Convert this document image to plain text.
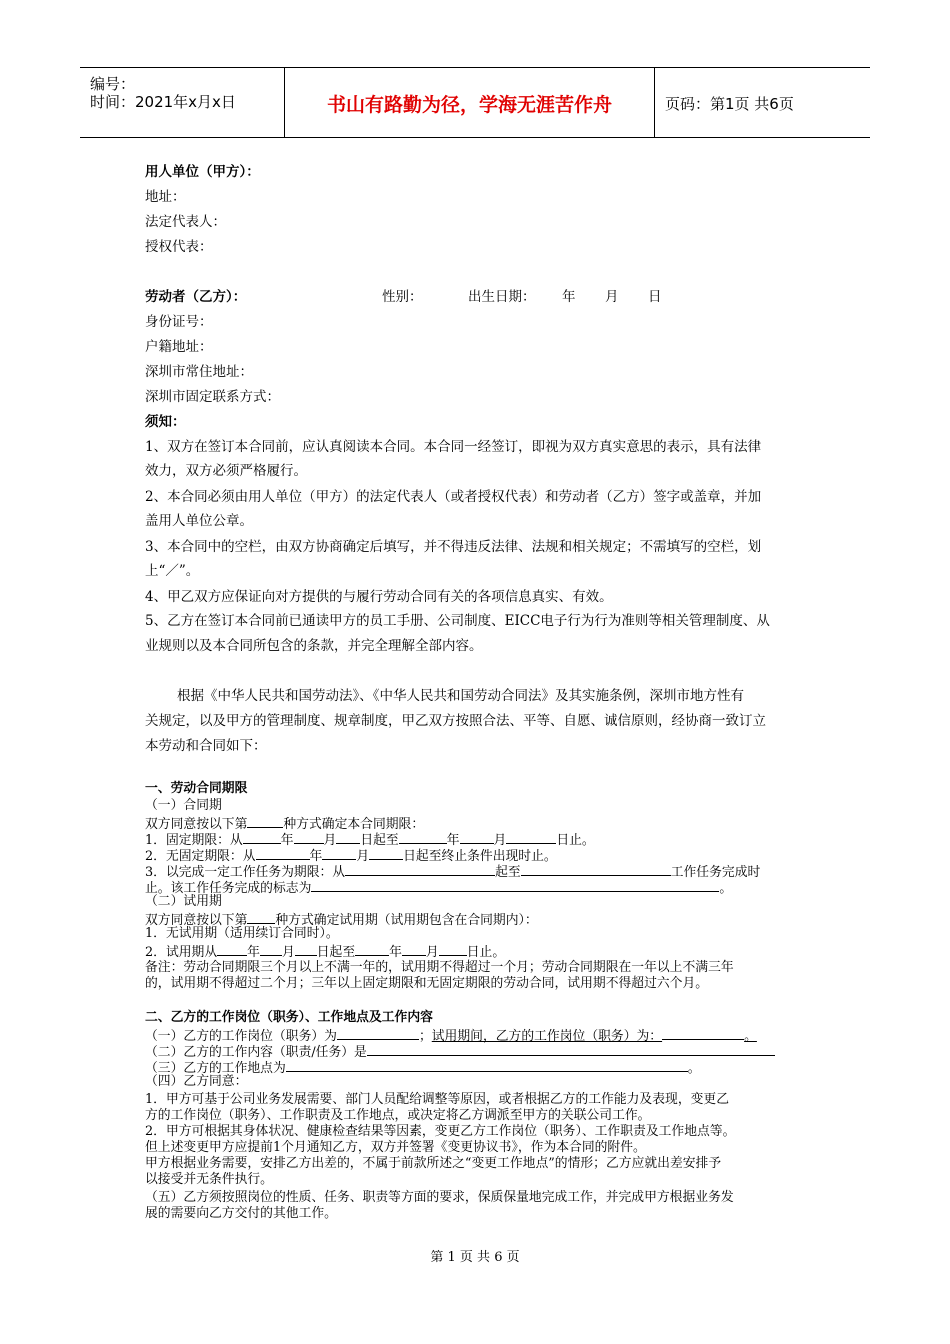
编号：
时间：2021年x月x日	书山有路勤为径，学海无涯苦作舟	页码：第1页 共6页
用人单位（甲方）：
地址：
法定代表人：
授权代表：
劳动者（乙方）：	性别：	出生日期： 年 月 日
身份证号：
户籍地址：
深圳市常住地址：
深圳市固定联系方式：
须知：
1、双方在签订本合同前，应认真阅读本合同。本合同一经签订，即视为双方真实意思的表示，具有法律
效力，双方必须严格履行。
2、本合同必须由用人单位（甲方）的法定代表人（或者授权代表）和劳动者（乙方）签字或盖章，并加
盖用人单位公章。
3、本合同中的空栏，由双方协商确定后填写，并不得违反法律、法规和相关规定；不需填写的空栏，划
上“／”。
4、甲乙双方应保证向对方提供的与履行劳动合同有关的各项信息真实、有效。
5、乙方在签订本合同前已通读甲方的员工手册、公司制度、EICC电子行为行为准则等相关管理制度、从
业规则以及本合同所包含的条款，并完全理解全部内容。
根据《中华人民共和国劳动法》、《中华人民共和国劳动合同法》及其实施条例，深圳市地方性有
关规定，以及甲方的管理制度、规章制度，甲乙双方按照合法、平等、自愿、诚信原则，经协商一致订立
本劳动和合同如下：
一、劳动合同期限
（一）合同期
双方同意按以下第	种方式确定本合同期限：
1．固定期限：从	年 月 日起至	年	月	日止。
2．无固定期限：从	年	月	日起至终止条件出现时止。
3．以完成一定工作任务为期限：从	起至	工作任务完成时
止。该工作任务完成的标志为	。
（二）试用期
双方同意按以下第 种方式确定试用期（试用期包含在合同期内）：
1．无试用期（适用续订合同时）。
2．试用期从 年 月 日起至	年 月 日止。
备注：劳动合同期限三个月以上不满一年的，试用期不得超过一个月；劳动合同期限在一年以上不满三年
的，试用期不得超过二个月；三年以上固定期限和无固定期限的劳动合同，试用期不得超过六个月。
二、乙方的工作岗位（职务）、工作地点及工作内容
（一）乙方的工作岗位（职务）为	；试用期间，乙方的工作岗位（职务）为：	。
（二）乙方的工作内容（职责/任务）是
（三）乙方的工作地点为	。
（四）乙方同意：
1．甲方可基于公司业务发展需要、部门人员配给调整等原因，或者根据乙方的工作能力及表现，变更乙
方的工作岗位（职务）、工作职责及工作地点，或决定将乙方调派至甲方的关联公司工作。
2．甲方可根据其身体状况、健康检查结果等因素，变更乙方工作岗位（职务）、工作职责及工作地点等。
但上述变更甲方应提前1个月通知乙方，双方并签署《变更协议书》，作为本合同的附件。
甲方根据业务需要，安排乙方出差的，不属于前款所述之“变更工作地点”的情形；乙方应就出差安排予
以接受并无条件执行。
（五）乙方须按照岗位的性质、任务、职责等方面的要求，保质保量地完成工作，并完成甲方根据业务发
展的需要向乙方交付的其他工作。
第 1 页 共 6 页
